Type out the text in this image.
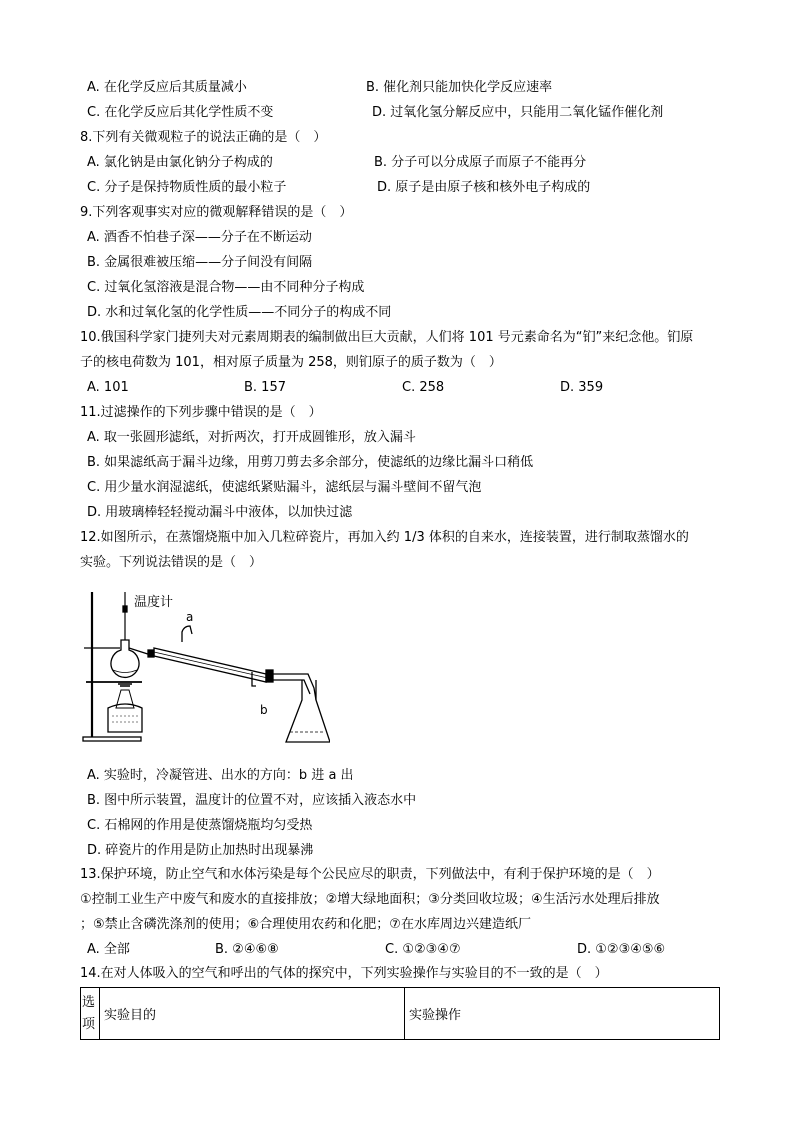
A. 在化学反应后其质量减小	B. 催化剂只能加快化学反应速率
C. 在化学反应后其化学性质不变	D. 过氧化氢分解反应中，只能用二氧化锰作催化剂
8.下列有关微观粒子的说法正确的是（　）
A. 氯化钠是由氯化钠分子构成的	B. 分子可以分成原子而原子不能再分
C. 分子是保持物质性质的最小粒子	D. 原子是由原子核和核外电子构成的
9.下列客观事实对应的微观解释错误的是（　）
A. 酒香不怕巷子深——分子在不断运动
B. 金属很难被压缩——分子间没有间隔
C. 过氧化氢溶液是混合物——由不同种分子构成
D. 水和过氧化氢的化学性质——不同分子的构成不同
10.俄国科学家门捷列夫对元素周期表的编制做出巨大贡献，人们将 101 号元素命名为“钔”来纪念他。钔原
子的核电荷数为 101，相对原子质量为 258，则钔原子的质子数为（　）
A. 101	B. 157	C. 258	D. 359
11.过滤操作的下列步骤中错误的是（　）
A. 取一张圆形滤纸，对折两次，打开成圆锥形，放入漏斗
B. 如果滤纸高于漏斗边缘，用剪刀剪去多余部分，使滤纸的边缘比漏斗口稍低
C. 用少量水润湿滤纸，使滤纸紧贴漏斗，滤纸层与漏斗壁间不留气泡
D. 用玻璃棒轻轻搅动漏斗中液体，以加快过滤
12.如图所示，在蒸馏烧瓶中加入几粒碎瓷片，再加入约 1/3 体积的自来水，连接装置，进行制取蒸馏水的
实验。下列说法错误的是（　）
温度计
a
b
A. 实验时，冷凝管进、出水的方向：b 进 a 出
B. 图中所示装置，温度计的位置不对，应该插入液态水中
C. 石棉网的作用是使蒸馏烧瓶均匀受热
D. 碎瓷片的作用是防止加热时出现暴沸
13.保护环境，防止空气和水体污染是每个公民应尽的职责，下列做法中，有利于保护环境的是（　）
①控制工业生产中废气和废水的直接排放；②增大绿地面积；③分类回收垃圾；④生活污水处理后排放
；⑤禁止含磷洗涤剂的使用；⑥合理使用农药和化肥；⑦在水库周边兴建造纸厂
A. 全部	B. ②④⑥⑧	C. ①②③④⑦	D. ①②③④⑤⑥
14.在对人体吸入的空气和呼出的气体的探究中，下列实验操作与实验目的不一致的是（　）
选项	实验目的	实验操作
